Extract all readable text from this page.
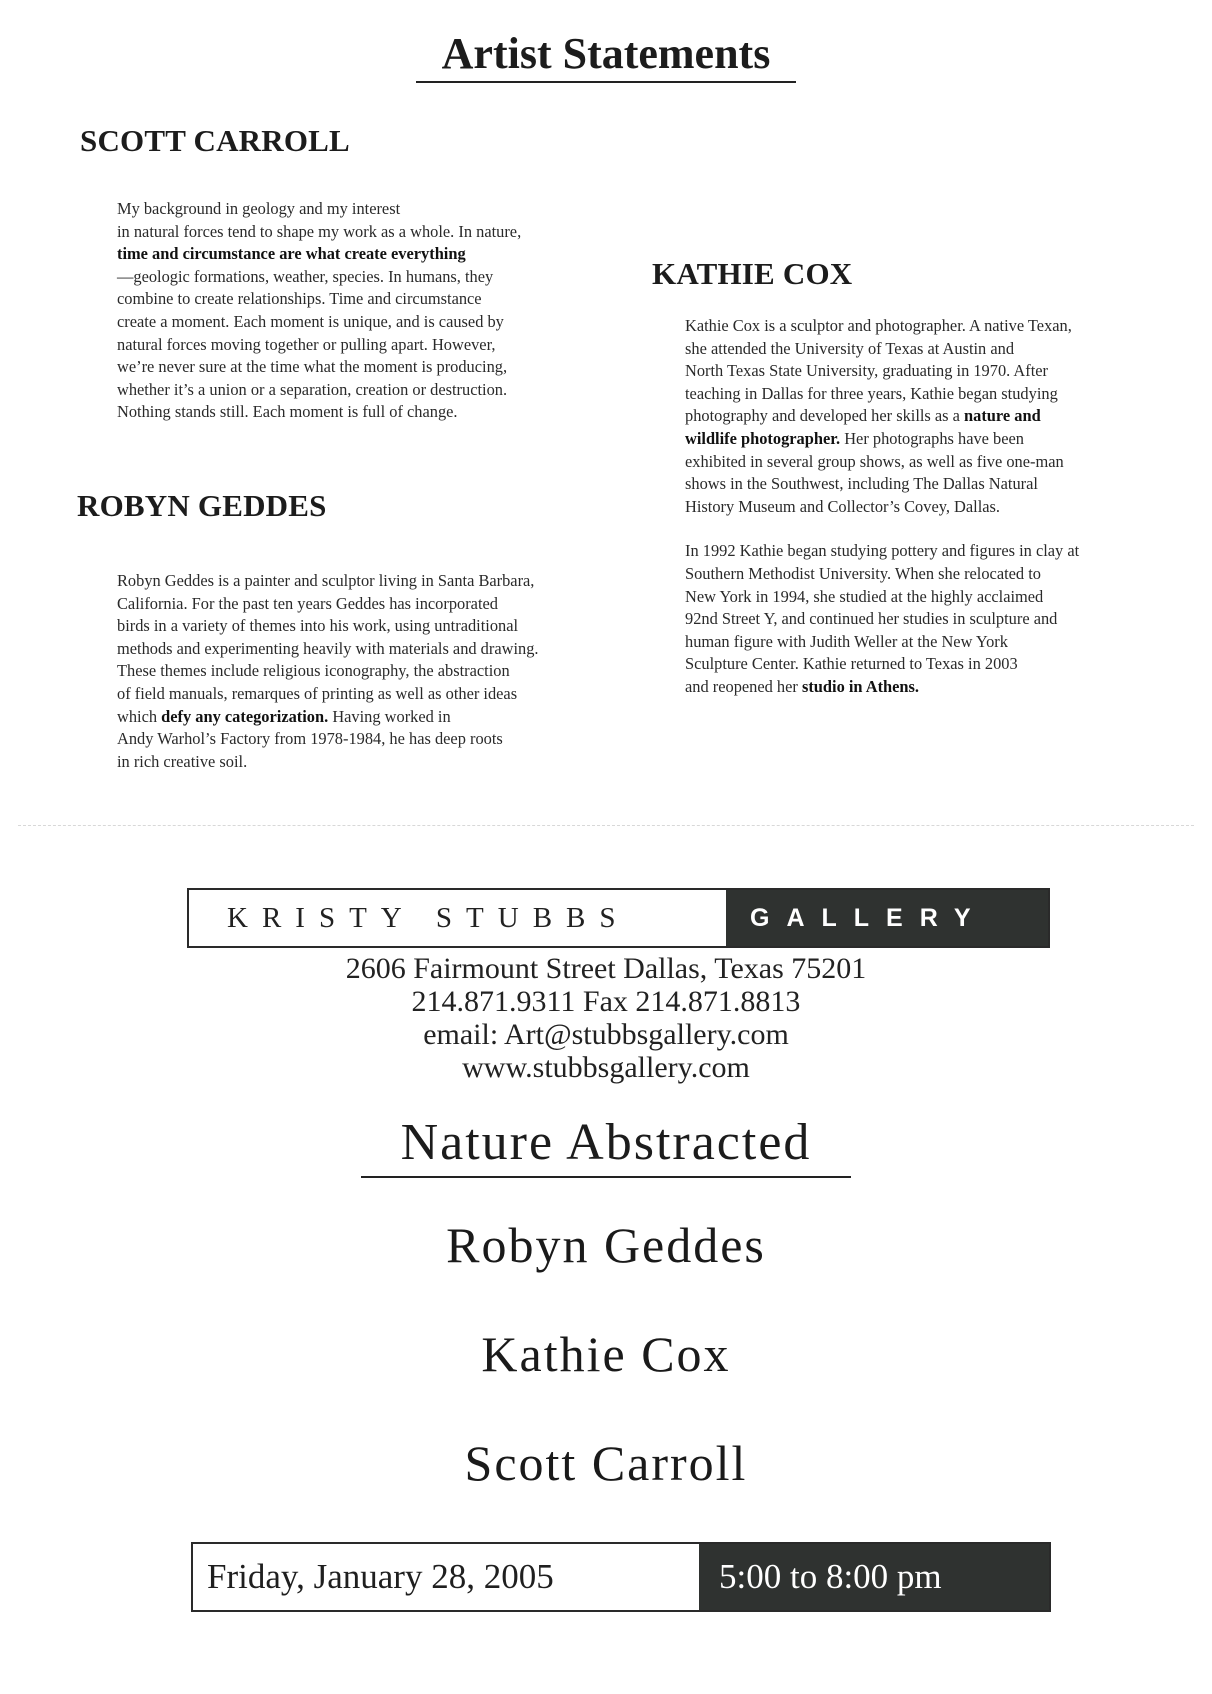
Artist Statements
SCOTT CARROLL

My background in geology and my interest

in natural forces tend to shape my work as a whole. In nature,

time and circumstance are what create everything

—geologic formations, weather, species. In humans, they

combine to create relationships. Time and circumstance

create a moment. Each moment is unique, and is caused by

natural forces moving together or pulling apart. However,

we’re never sure at the time what the moment is producing,

whether it’s a union or a separation, creation or destruction.

Nothing stands still. Each moment is full of change.

ROBYN GEDDES

Robyn Geddes is a painter and sculptor living in Santa Barbara,

California. For the past ten years Geddes has incorporated

birds in a variety of themes into his work, using untraditional

methods and experimenting heavily with materials and drawing.

These themes include religious iconography, the abstraction

of field manuals, remarques of printing as well as other ideas

which defy any categorization. Having worked in

Andy Warhol’s Factory from 1978-1984, he has deep roots

in rich creative soil.

KATHIE COX

Kathie Cox is a sculptor and photographer. A native Texan,

she attended the University of Texas at Austin and

North Texas State University, graduating in 1970. After

teaching in Dallas for three years, Kathie began studying

photography and developed her skills as a nature and

wildlife photographer. Her photographs have been

exhibited in several group shows, as well as five one-man

shows in the Southwest, including The Dallas Natural

History Museum and Collector’s Covey, Dallas.

In 1992 Kathie began studying pottery and figures in clay at

Southern Methodist University. When she relocated to

New York in 1994, she studied at the highly acclaimed

92nd Street Y, and continued her studies in sculpture and

human figure with Judith Weller at the New York

Sculpture Center. Kathie returned to Texas in 2003

and reopened her studio in Athens.

KRISTY STUBBS	GALLERY
2606 Fairmount Street Dallas, Texas 75201
214.871.9311 Fax 214.871.8813
email: Art@stubbsgallery.com
www.stubbsgallery.com
Nature Abstracted
Robyn Geddes
Kathie Cox
Scott Carroll
Friday, January 28, 2005	5:00 to 8:00 pm
